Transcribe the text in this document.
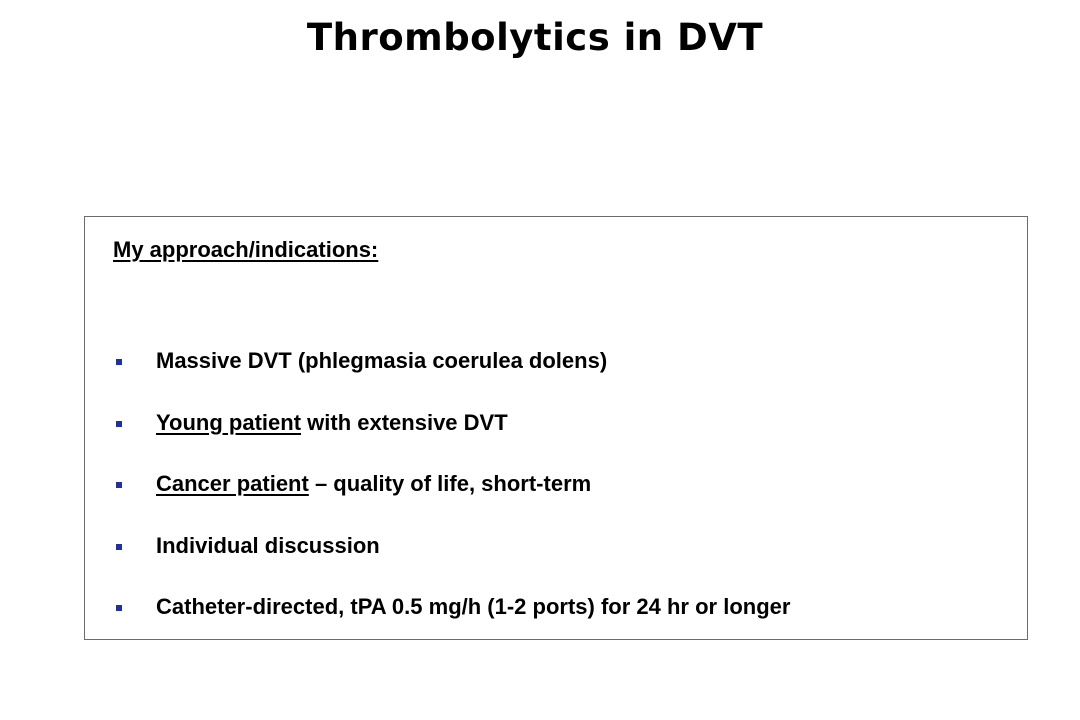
Thrombolytics in DVT

My approach/indications:

Massive DVT (phlegmasia coerulea dolens)
Young patient with extensive DVT
Cancer patient – quality of life, short-term
Individual discussion
Catheter-directed, tPA 0.5 mg/h (1-2 ports) for 24 hr or longer
